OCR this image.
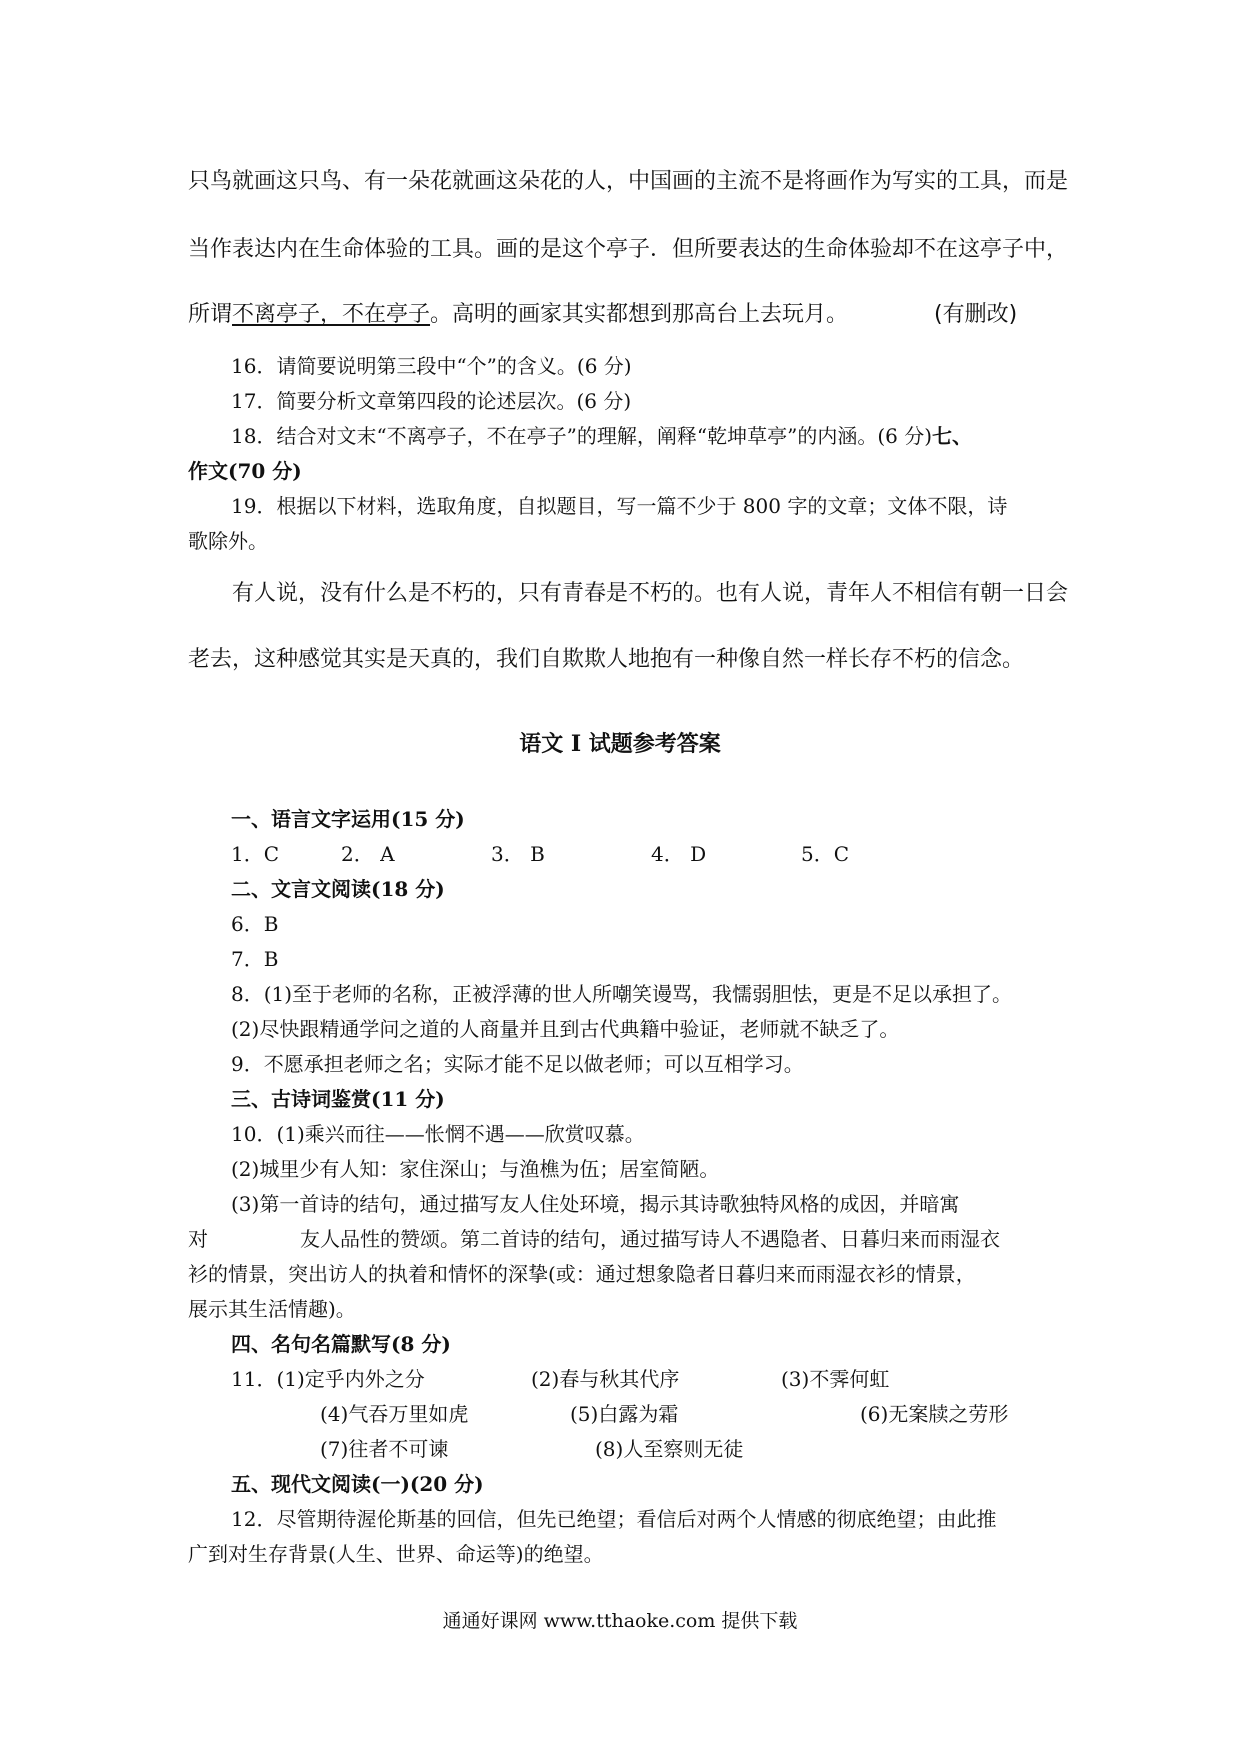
只鸟就画这只鸟、有一朵花就画这朵花的人，中国画的主流不是将画作为写实的工具，而是
当作表达内在生命体验的工具。画的是这个亭子．但所要表达的生命体验却不在这亭子中，
所谓不离亭子，不在亭子。高明的画家其实都想到那高台上去玩月。	(有删改)
16．请简要说明第三段中“个”的含义。(6 分)
17．简要分析文章第四段的论述层次。(6 分)
18．结合对文末“不离亭子，不在亭子”的理解，阐释“乾坤草亭”的内涵。(6 分)七、
作文(70 分)
19．根据以下材料，选取角度，自拟题目，写一篇不少于 800 字的文章；文体不限，诗
歌除外。
有人说，没有什么是不朽的，只有青春是不朽的。也有人说，青年人不相信有朝一日会
老去，这种感觉其实是天真的，我们自欺欺人地抱有一种像自然一样长存不朽的信念。
语文 I 试题参考答案
一、语言文字运用(15 分)
1．C	2． A	3． B	4． D	5．C
二、文言文阅读(18 分)
6．B
7．B
8．(1)至于老师的名称，正被浮薄的世人所嘲笑谩骂，我懦弱胆怯，更是不足以承担了。
(2)尽快跟精通学问之道的人商量并且到古代典籍中验证，老师就不缺乏了。
9．不愿承担老师之名；实际才能不足以做老师；可以互相学习。
三、古诗词鉴赏(11 分)
10．(1)乘兴而往——怅惘不遇——欣赏叹慕。
(2)城里少有人知：家住深山；与渔樵为伍；居室简陋。
(3)第一首诗的结句，通过描写友人住处环境，揭示其诗歌独特风格的成因，并暗寓
对	友人品性的赞颂。第二首诗的结句，通过描写诗人不遇隐者、日暮归来而雨湿衣
衫的情景，突出访人的执着和情怀的深挚(或：通过想象隐者日暮归来而雨湿衣衫的情景，
展示其生活情趣)。
四、名句名篇默写(8 分)
11．(1)定乎内外之分	(2)春与秋其代序	(3)不霁何虹
(4)气吞万里如虎	(5)白露为霜	(6)无案牍之劳形
(7)往者不可谏	(8)人至察则无徒
五、现代文阅读(一)(20 分)
12．尽管期待渥伦斯基的回信，但先已绝望；看信后对两个人情感的彻底绝望；由此推
广到对生存背景(人生、世界、命运等)的绝望。
通通好课网 www.tthaoke.com 提供下载
